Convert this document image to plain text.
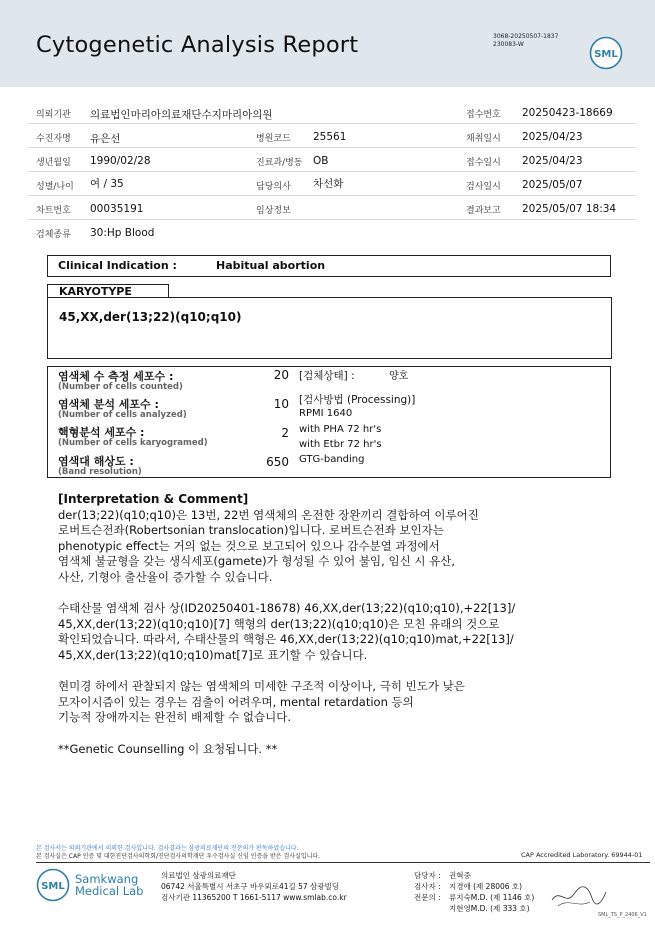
Cytogenetic Analysis Report	3068-20250507-1837
230083-W
SML
의뢰기관 의료법인마리아의료재단수지마리아의원	접수번호 20250423-18669
수진자명 유은선	병원코드 25561	채취일시 2025/04/23
생년월일 1990/02/28	진료과/병동 OB	접수일시 2025/04/23
성별/나이 여 / 35	담당의사 차선화	검사일시 2025/05/07
차트번호 00035191	임상정보	결과보고 2025/05/07 18:34
검체종류 30:Hp Blood
Clinical Indication :	Habitual abortion
KARYOTYPE
45,XX,der(13;22)(q10;q10)
염색체 수 측정 세포수 :
(Number of cells counted)
20
염색체 분석 세포수 :
(Number of cells analyzed)
10
핵형분석 세포수 :
(Number of cells karyogramed)
2
염색대 해상도 :
(Band resolution)
650
[검체상태] :	양호
[검사방법 (Processing)]
RPMI 1640
with PHA 72 hr's
with Etbr 72 hr's
GTG-banding

[Interpretation & Comment]

der(13;22)(q10;q10)은 13번, 22번 염색체의 온전한 장완끼리 결합하여 이루어진

로버트슨전좌(Robertsonian translocation)입니다. 로버트슨전좌 보인자는

phenotypic effect는 거의 없는 것으로 보고되어 있으나 감수분열 과정에서

염색체 불균형을 갖는 생식세포(gamete)가 형성될 수 있어 불임, 임신 시 유산,

사산, 기형아 출산율이 증가할 수 있습니다.

수태산물 염색체 검사 상(ID20250401-18678) 46,XX,der(13;22)(q10;q10),+22[13]/

45,XX,der(13;22)(q10;q10)[7] 핵형의 der(13;22)(q10;q10)은 모친 유래의 것으로

확인되었습니다. 따라서, 수태산물의 핵형은 46,XX,der(13;22)(q10;q10)mat,+22[13]/

45,XX,der(13;22)(q10;q10)mat[7]로 표기할 수 있습니다.

현미경 하에서 관찰되지 않는 염색체의 미세한 구조적 이상이나, 극히 빈도가 낮은

모자이시즘이 있는 경우는 검출이 어려우며, mental retardation 등의

기능적 장애까지는 완전히 배제할 수 없습니다.

**Genetic Counselling 이 요청됩니다. **

본 검사서는 의뢰기관에서 의뢰한 검사입니다. 검사결과는 삼광의료재단의 전문의가 판독하였습니다.
본 검사실은 CAP 인증 및 대한진단검사의학회/진단검사의학재단 우수검사실 신임 인증을 받은 검사실입니다.	CAP Accredited Laboratory. 69944-01
SML
Samkwang
Medical Lab
의료법인 삼광의료재단
06742 서울특별시 서초구 바우뫼로41길 57 삼광빌딩
검사기관 11365200 T 1661-5117 www.smlab.co.kr
담당자 : 권혁중
검사자 : 지경애 (제 28006 호)
전문의 : 류지숙M.D. (제 1146 호)
지현영M.D. (제 333 호)
SML_TS_P_2406_V1
